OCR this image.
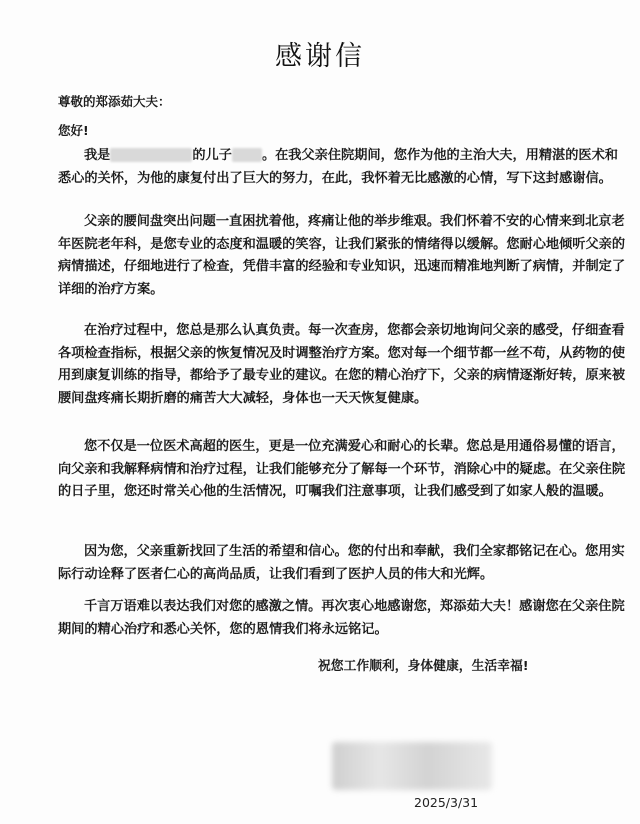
感谢信
尊敬的郑添茹大夫：
您好!

我是	的儿子 。在我父亲住院期间，您作为他的主治大夫，用精湛的医术和悉心的关怀，为他的康复付出了巨大的努力，在此，我怀着无比感激的心情，写下这封感谢信。

父亲的腰间盘突出问题一直困扰着他，疼痛让他的举步维艰。我们怀着不安的心情来到北京老年医院老年科，是您专业的态度和温暖的笑容，让我们紧张的情绪得以缓解。您耐心地倾听父亲的病情描述，仔细地进行了检查，凭借丰富的经验和专业知识，迅速而精准地判断了病情，并制定了详细的治疗方案。

在治疗过程中，您总是那么认真负责。每一次查房，您都会亲切地询问父亲的感受，仔细查看各项检查指标，根据父亲的恢复情况及时调整治疗方案。您对每一个细节都一丝不苟，从药物的使用到康复训练的指导，都给予了最专业的建议。在您的精心治疗下，父亲的病情逐渐好转，原来被腰间盘疼痛长期折磨的痛苦大大减轻，身体也一天天恢复健康。

您不仅是一位医术高超的医生，更是一位充满爱心和耐心的长辈。您总是用通俗易懂的语言，向父亲和我解释病情和治疗过程，让我们能够充分了解每一个环节，消除心中的疑虑。在父亲住院的日子里，您还时常关心他的生活情况，叮嘱我们注意事项，让我们感受到了如家人般的温暖。

因为您，父亲重新找回了生活的希望和信心。您的付出和奉献，我们全家都铭记在心。您用实际行动诠释了医者仁心的高尚品质，让我们看到了医护人员的伟大和光辉。

千言万语难以表达我们对您的感激之情。再次衷心地感谢您，郑添茹大夫！感谢您在父亲住院期间的精心治疗和悉心关怀，您的恩情我们将永远铭记。

祝您工作顺利，身体健康，生活幸福!
2025/3/31
